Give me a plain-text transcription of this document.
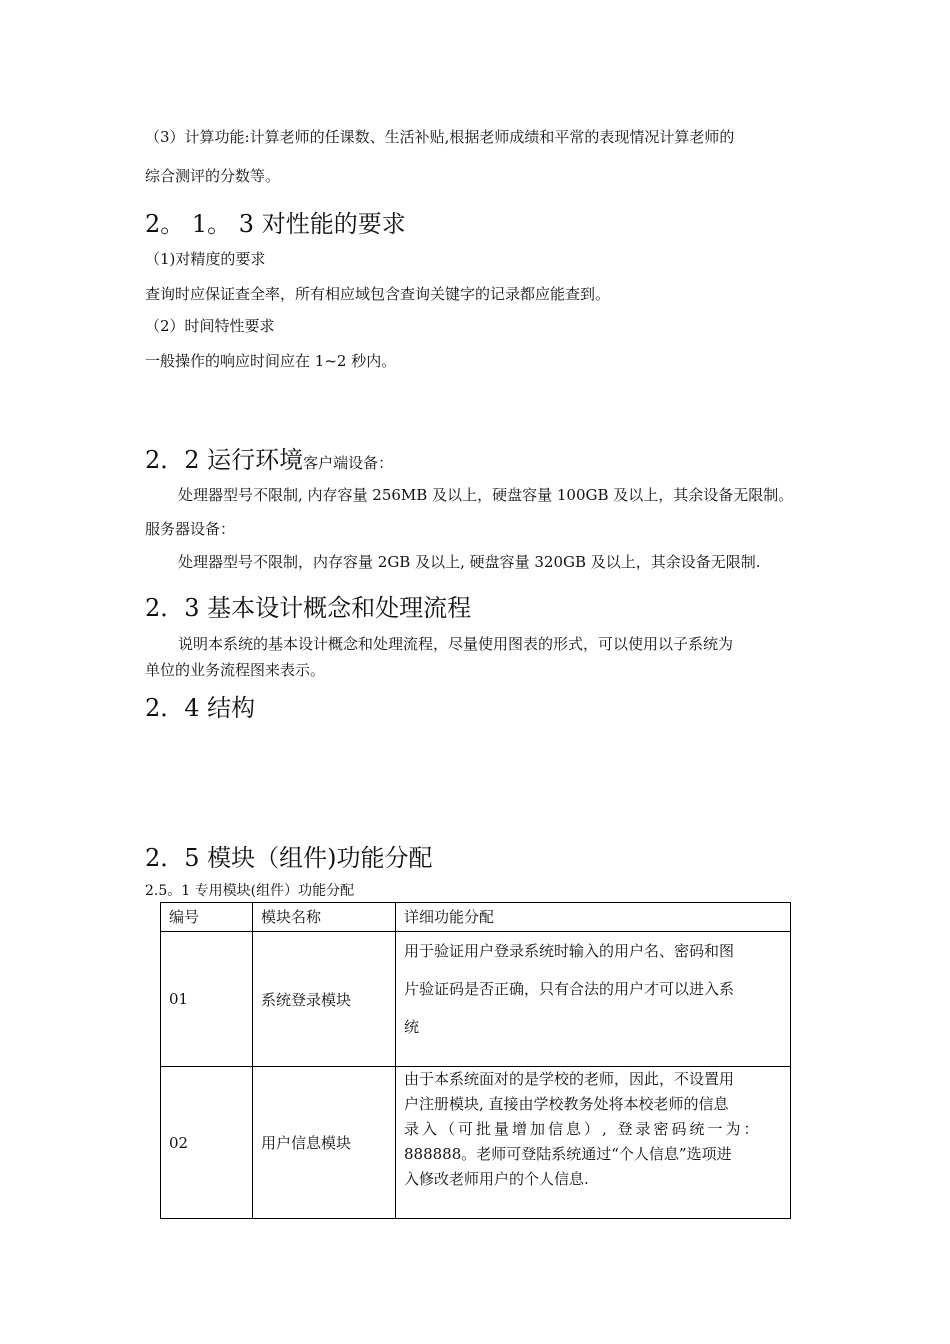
（3）计算功能:计算老师的任课数、生活补贴,根据老师成绩和平常的表现情况计算老师的
综合测评的分数等。
2。 1。 3 对性能的要求
（1)对精度的要求
查询时应保证查全率，所有相应域包含查询关键字的记录都应能查到。
（2）时间特性要求
一般操作的响应时间应在 1~2 秒内。
2．2 运行环境客户端设备：
处理器型号不限制, 内存容量 256MB 及以上，硬盘容量 100GB 及以上，其余设备无限制。
服务器设备：
处理器型号不限制，内存容量 2GB 及以上, 硬盘容量 320GB 及以上，其余设备无限制.
2．3 基本设计概念和处理流程
说明本系统的基本设计概念和处理流程，尽量使用图表的形式，可以使用以子系统为
单位的业务流程图来表示。
2．4 结构
2．5 模块（组件)功能分配
2.5。1 专用模块(组件）功能分配
编号	模块名称	详细功能分配
01	系统登录模块	用于验证用户登录系统时输入的用户名、密码和图
片验证码是否正确，只有合法的用户才可以进入系
统

02	用户信息模块	由于本系统面对的是学校的老师，因此，不设置用
户注册模块, 直接由学校教务处将本校老师的信息
录入（可批量增加信息）, 登录密码统一为：
888888。老师可登陆系统通过“个人信息”选项进
入修改老师用户的个人信息.
